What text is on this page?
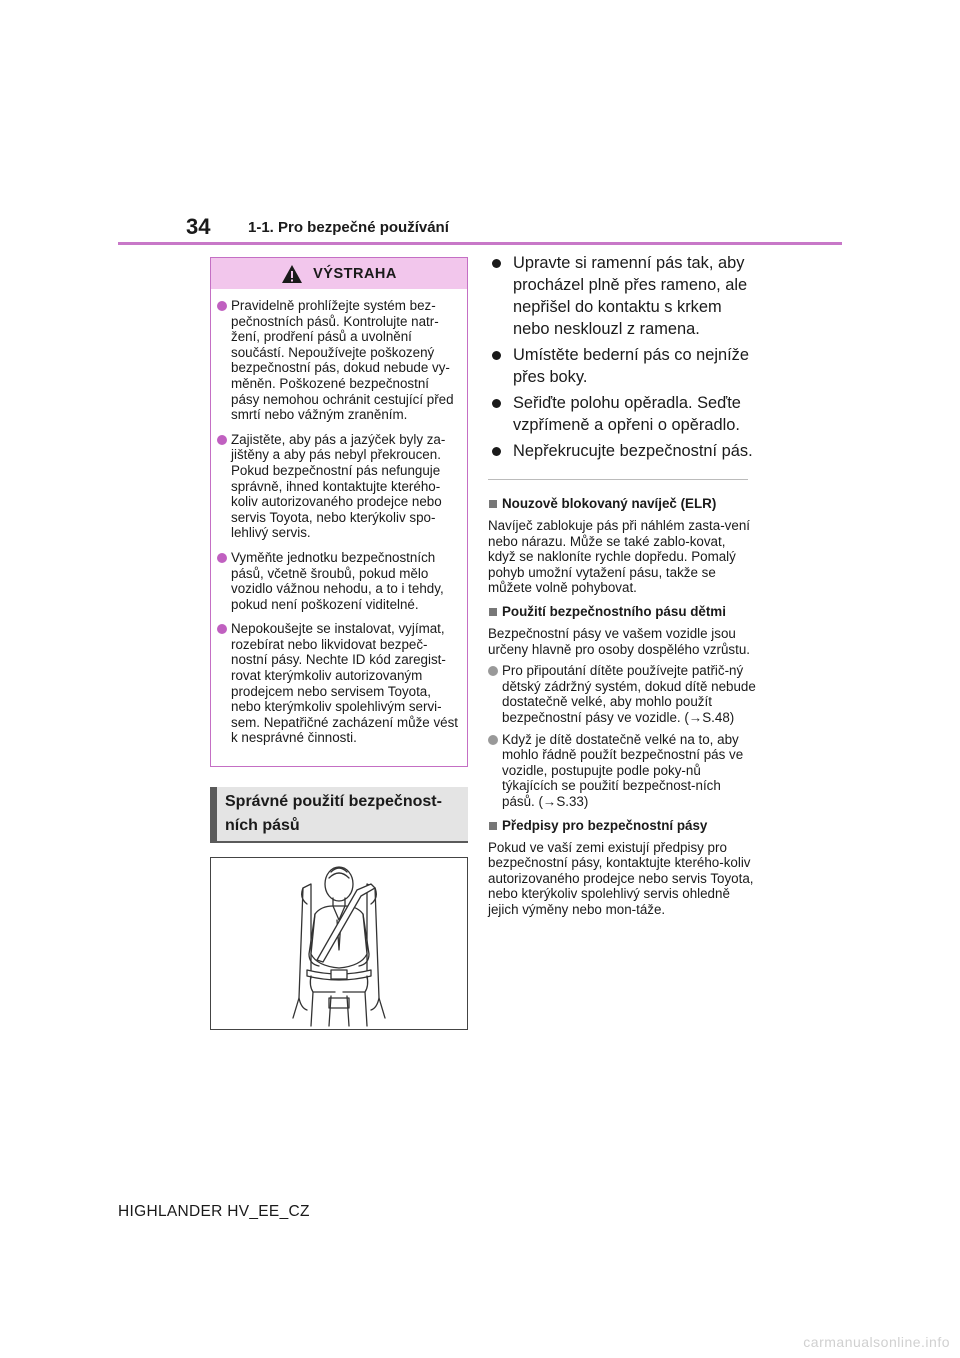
34	1-1. Pro bezpečné používání
VÝSTRAHA
Pravidelně prohlížejte systém bez-pečnostních pásů. Kontrolujte natr-žení, prodření pásů a uvolnění součástí. Nepoužívejte poškozený bezpečnostní pás, dokud nebude vy-měněn. Poškozené bezpečnostní pásy nemohou ochránit cestující před smrtí nebo vážným zraněním.
Zajistěte, aby pás a jazýček byly za-jištěny a aby pás nebyl překroucen. Pokud bezpečnostní pás nefunguje správně, ihned kontaktujte kterého-koliv autorizovaného prodejce nebo servis Toyota, nebo kterýkoliv spo-lehlivý servis.
Vyměňte jednotku bezpečnostních pásů, včetně šroubů, pokud mělo vozidlo vážnou nehodu, a to i tehdy, pokud není poškození viditelné.
Nepokoušejte se instalovat, vyjímat, rozebírat nebo likvidovat bezpeč-nostní pásy. Nechte ID kód zaregist-rovat kterýmkoliv autorizovaným prodejcem nebo servisem Toyota, nebo kterýmkoliv spolehlivým servi-sem. Nepatřičné zacházení může vést k nesprávné činnosti.
Správné použití bezpečnost-
ních pásů
Upravte si ramenní pás tak, aby procházel plně přes rameno, ale nepřišel do kontaktu s krkem nebo nesklouzl z ramena.
Umístěte bederní pás co nejníže přes boky.
Seřiďte polohu opěradla. Seďte vzpřímeně a opřeni o opěradlo.
Nepřekrucujte bezpečnostní pás.
Nouzově blokovaný navíječ (ELR)
Navíječ zablokuje pás při náhlém zasta-vení nebo nárazu. Může se také zablo-kovat, když se nakloníte rychle dopředu. Pomalý pohyb umožní vytažení pásu, takže se můžete volně pohybovat.
Použití bezpečnostního pásu dětmi
Bezpečnostní pásy ve vašem vozidle jsou určeny hlavně pro osoby dospělého vzrůstu.
Pro připoutání dítěte používejte patřič-ný dětský zádržný systém, dokud dítě nebude dostatečně velké, aby mohlo použít bezpečnostní pásy ve vozidle. (→S.48)
Když je dítě dostatečně velké na to, aby mohlo řádně použít bezpečnostní pás ve vozidle, postupujte podle poky-nů týkajících se použití bezpečnost-ních pásů. (→S.33)
Předpisy pro bezpečnostní pásy
Pokud ve vaší zemi existují předpisy pro bezpečnostní pásy, kontaktujte kterého-koliv autorizovaného prodejce nebo servis Toyota, nebo kterýkoliv spolehlivý servis ohledně jejich výměny nebo mon-táže.
HIGHLANDER HV_EE_CZ
carmanualsonline.info
